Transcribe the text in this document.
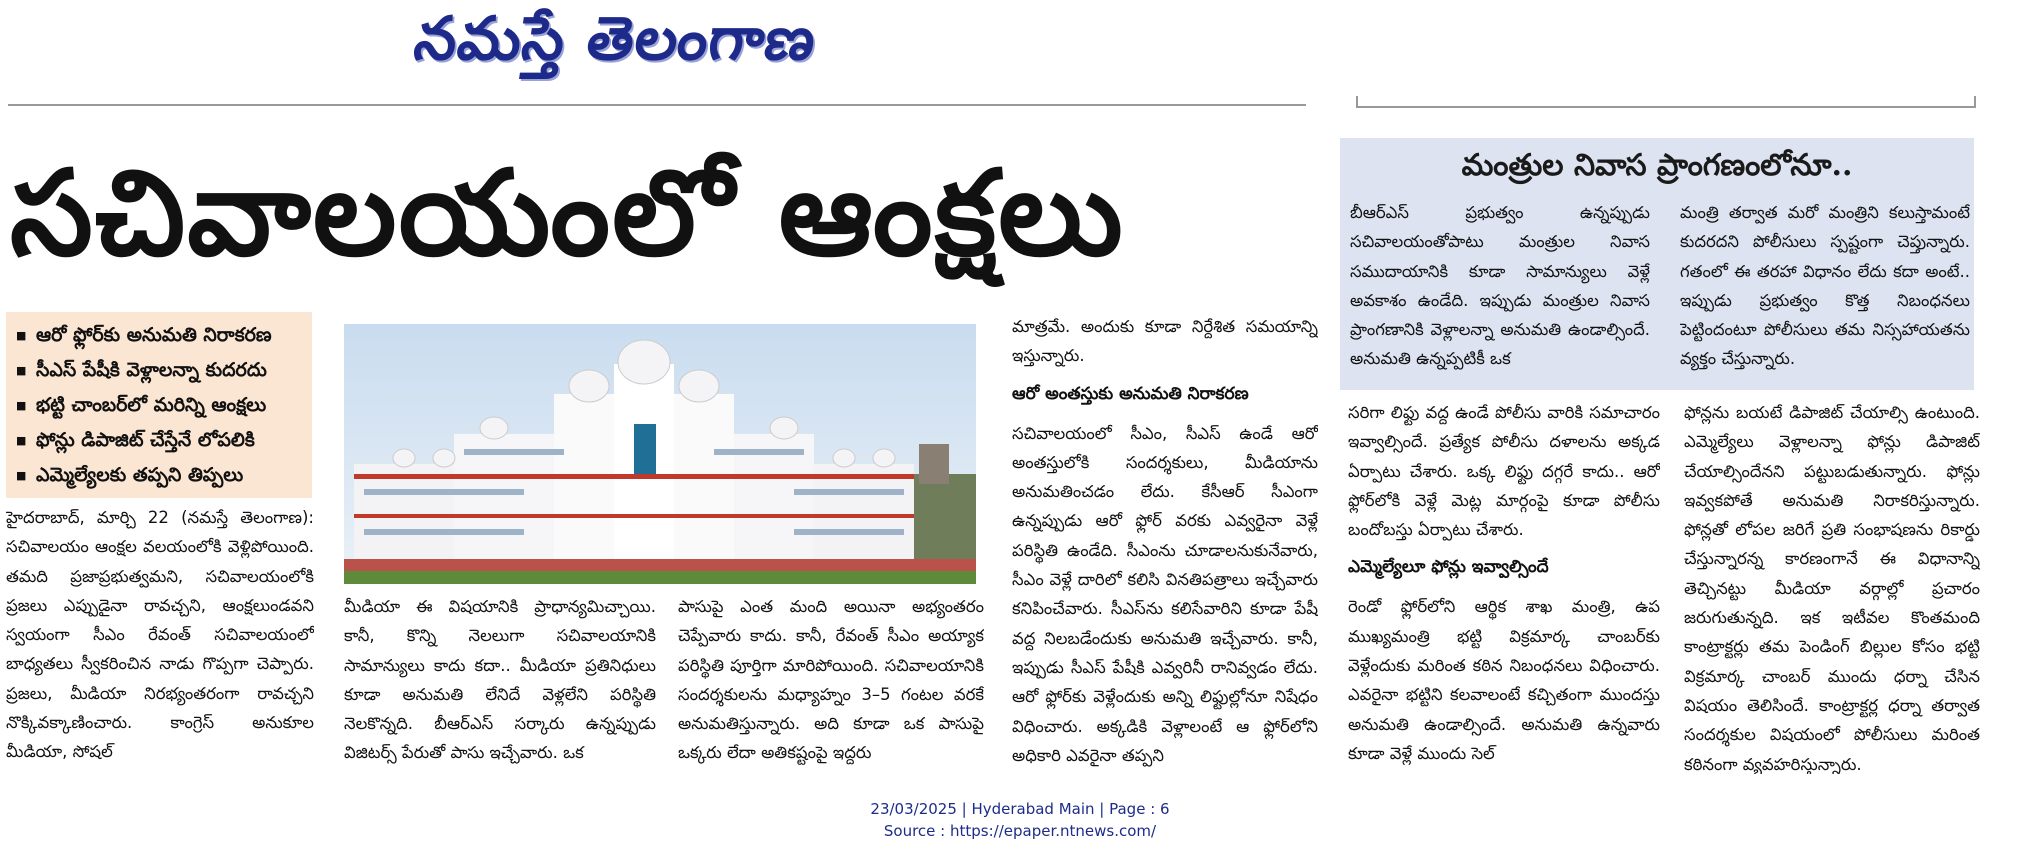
నమస్తే తెలంగాణ
సచివాలయంలో ఆంక్షలు
■ ఆరో ఫ్లోర్‌కు అనుమతి నిరాకరణ
■ సీఎస్ పేషీకి వెళ్లాలన్నా కుదరదు
■ భట్టి చాంబర్‌లో మరిన్ని ఆంక్షలు
■ ఫోన్లు డిపాజిట్ చేస్తేనే లోపలికి
■ ఎమ్మెల్యేలకు తప్పని తిప్పలు

హైదరాబాద్, మార్చి 22 (నమస్తే తెలంగాణ): సచివాలయం ఆంక్షల వలయంలోకి వెళ్లిపోయింది. తమది ప్రజాప్రభుత్వమని, సచివాలయంలోకి ప్రజలు ఎప్పుడైనా రావచ్చని, ఆంక్షలుండవని స్వయంగా సీఎం రేవంత్ సచివాలయంలో బాధ్యతలు స్వీకరించిన నాడు గొప్పగా చెప్పారు. ప్రజలు, మీడియా నిరభ్యంతరంగా రావచ్చని నొక్కివక్కాణించారు. కాంగ్రెస్ అనుకూల మీడియా, సోషల్

మీడియా ఈ విషయానికి ప్రాధాన్యమిచ్చాయి. కానీ, కొన్ని నెలలుగా సచివాలయానికి సామాన్యులు కాదు కదా.. మీడియా ప్రతినిధులు కూడా అనుమతి లేనిదే వెళ్లలేని పరిస్థితి నెలకొన్నది. బీఆర్‌ఎస్ సర్కారు ఉన్నప్పుడు విజిటర్స్ పేరుతో పాసు ఇచ్చేవారు. ఒక

పాసుపై ఎంత మంది అయినా అభ్యంతరం చెప్పేవారు కాదు. కానీ, రేవంత్ సీఎం అయ్యాక పరిస్థితి పూర్తిగా మారిపోయింది. సచివాలయానికి సందర్శకులను మధ్యాహ్నం 3–5 గంటల వరకే అనుమతిస్తున్నారు. అది కూడా ఒక పాసుపై ఒక్కరు లేదా అతికష్టంపై ఇద్దరు

మాత్రమే. అందుకు కూడా నిర్దేశిత సమయాన్ని ఇస్తున్నారు.

ఆరో అంతస్తుకు అనుమతి నిరాకరణ

సచివాలయంలో సీఎం, సీఎస్ ఉండే ఆరో అంతస్తులోకి సందర్శకులు, మీడియాను అనుమతించడం లేదు. కేసీఆర్ సీఎంగా ఉన్నప్పుడు ఆరో ఫ్లోర్ వరకు ఎవ్వరైనా వెళ్లే పరిస్థితి ఉండేది. సీఎంను చూడాలనుకునేవారు, సీఎం వెళ్లే దారిలో కలిసి వినతిపత్రాలు ఇచ్చేవారు కనిపించేవారు. సీఎస్‌ను కలిసేవారిని కూడా పేషీ వద్ద నిలబడేందుకు అనుమతి ఇచ్చేవారు. కానీ, ఇప్పుడు సీఎస్ పేషీకి ఎవ్వరినీ రానివ్వడం లేదు. ఆరో ఫ్లోర్‌కు వెళ్లేందుకు అన్ని లిఫ్టుల్లోనూ నిషేధం విధించారు. అక్కడికి వెళ్లాలంటే ఆ ఫ్లోర్‌లోని అధికారి ఎవరైనా తప్పని

మంత్రుల నివాస ప్రాంగణంలోనూ..

బీఆర్‌ఎస్ ప్రభుత్వం ఉన్నప్పుడు సచివాలయంతోపాటు మంత్రుల నివాస సముదాయానికి కూడా సామాన్యులు వెళ్లే అవకాశం ఉండేది. ఇప్పుడు మంత్రుల నివాస ప్రాంగణానికి వెళ్లాలన్నా అనుమతి ఉండాల్సిందే. అనుమతి ఉన్నప్పటికీ ఒక

మంత్రి తర్వాత మరో మంత్రిని కలుస్తామంటే కుదరదని పోలీసులు స్పష్టంగా చెప్తున్నారు. గతంలో ఈ తరహా విధానం లేదు కదా అంటే.. ఇప్పుడు ప్రభుత్వం కొత్త నిబంధనలు పెట్టిందంటూ పోలీసులు తమ నిస్సహాయతను వ్యక్తం చేస్తున్నారు.

సరిగా లిఫ్టు వద్ద ఉండే పోలీసు వారికి సమాచారం ఇవ్వాల్సిందే. ప్రత్యేక పోలీసు దళాలను అక్కడ ఏర్పాటు చేశారు. ఒక్క లిఫ్టు దగ్గరే కాదు.. ఆరో ఫ్లోర్‌లోకి వెళ్లే మెట్ల మార్గంపై కూడా పోలీసు బందోబస్తు ఏర్పాటు చేశారు.

ఎమ్మెల్యేలూ ఫోన్లు ఇవ్వాల్సిందే

రెండో ఫ్లోర్‌లోని ఆర్థిక శాఖ మంత్రి, ఉప ముఖ్యమంత్రి భట్టి విక్రమార్క చాంబర్‌కు వెళ్లేందుకు మరింత కఠిన నిబంధనలు విధించారు. ఎవరైనా భట్టిని కలవాలంటే కచ్చితంగా ముందస్తు అనుమతి ఉండాల్సిందే. అనుమతి ఉన్నవారు కూడా వెళ్లే ముందు సెల్

ఫోన్లను బయటే డిపాజిట్ చేయాల్సి ఉంటుంది. ఎమ్మెల్యేలు వెళ్లాలన్నా ఫోన్లు డిపాజిట్ చేయాల్సిందేనని పట్టుబడుతున్నారు. ఫోన్లు ఇవ్వకపోతే అనుమతి నిరాకరిస్తున్నారు. ఫోన్లతో లోపల జరిగే ప్రతి సంభాషణను రికార్డు చేస్తున్నారన్న కారణంగానే ఈ విధానాన్ని తెచ్చినట్టు మీడియా వర్గాల్లో ప్రచారం జరుగుతున్నది. ఇక ఇటీవల కొంతమంది కాంట్రాక్టర్లు తమ పెండింగ్ బిల్లుల కోసం భట్టి విక్రమార్క చాంబర్ ముందు ధర్నా చేసిన విషయం తెలిసిందే. కాంట్రాక్టర్ల ధర్నా తర్వాత సందర్శకుల విషయంలో పోలీసులు మరింత కఠినంగా వ్యవహరిస్తున్నారు.

23/03/2025 | Hyderabad Main | Page : 6
Source : https://epaper.ntnews.com/
